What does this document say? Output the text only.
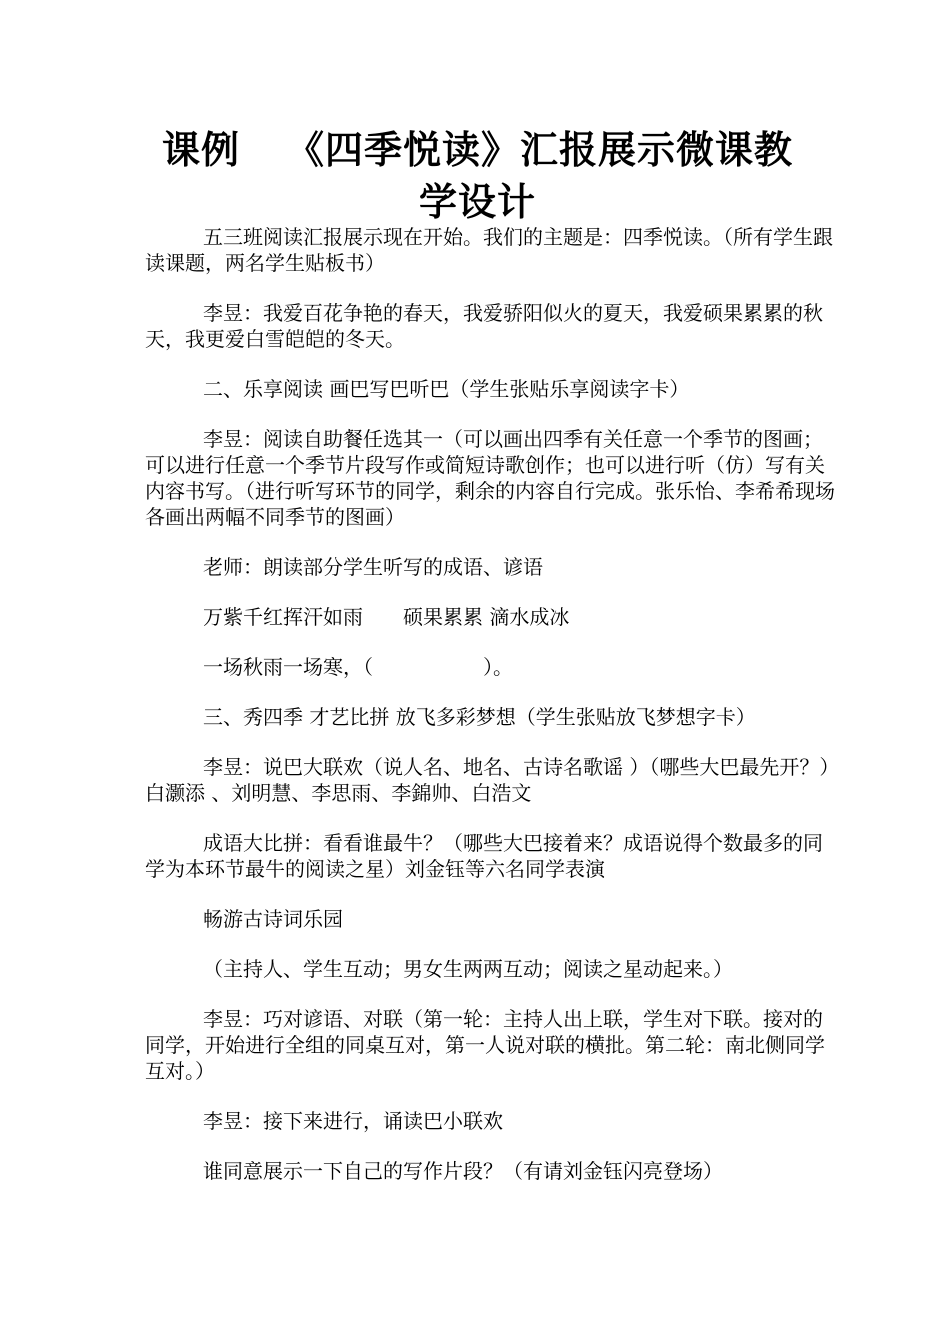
课例 《四季悦读》汇报展示微课教学设计

五三班阅读汇报展示现在开始。我们的主题是：四季悦读。（所有学生跟读课题，两名学生贴板书）

李昱：我爱百花争艳的春天，我爱骄阳似火的夏天，我爱硕果累累的秋天，我更爱白雪皑皑的冬天。

二、乐享阅读 画巴写巴听巴（学生张贴乐享阅读字卡）

李昱：阅读自助餐任选其一（可以画出四季有关任意一个季节的图画；可以进行任意一个季节片段写作或简短诗歌创作；也可以进行听（仿）写有关内容书写。（进行听写环节的同学，剩余的内容自行完成。张乐怡、李希希现场各画出两幅不同季节的图画）

老师：朗读部分学生听写的成语、谚语

万紫千红挥汗如雨 硕果累累 滴水成冰

一场秋雨一场寒，（	）。

三、秀四季 才艺比拼 放飞多彩梦想（学生张贴放飞梦想字卡）

李昱：说巴大联欢（说人名、地名、古诗名歌谣 ）（哪些大巴最先开？）白灏添 、刘明慧、李思雨、李錦帅、白浩文

成语大比拼：看看谁最牛？（哪些大巴接着来？成语说得个数最多的同学为本环节最牛的阅读之星）刘金钰等六名同学表演

畅游古诗词乐园

（主持人、学生互动；男女生两两互动；阅读之星动起来。）

李昱：巧对谚语、对联（第一轮：主持人出上联，学生对下联。接对的同学，开始进行全组的同桌互对，第一人说对联的横批。第二轮：南北侧同学互对。）

李昱：接下来进行，诵读巴小联欢

谁同意展示一下自己的写作片段？（有请刘金钰闪亮登场）
